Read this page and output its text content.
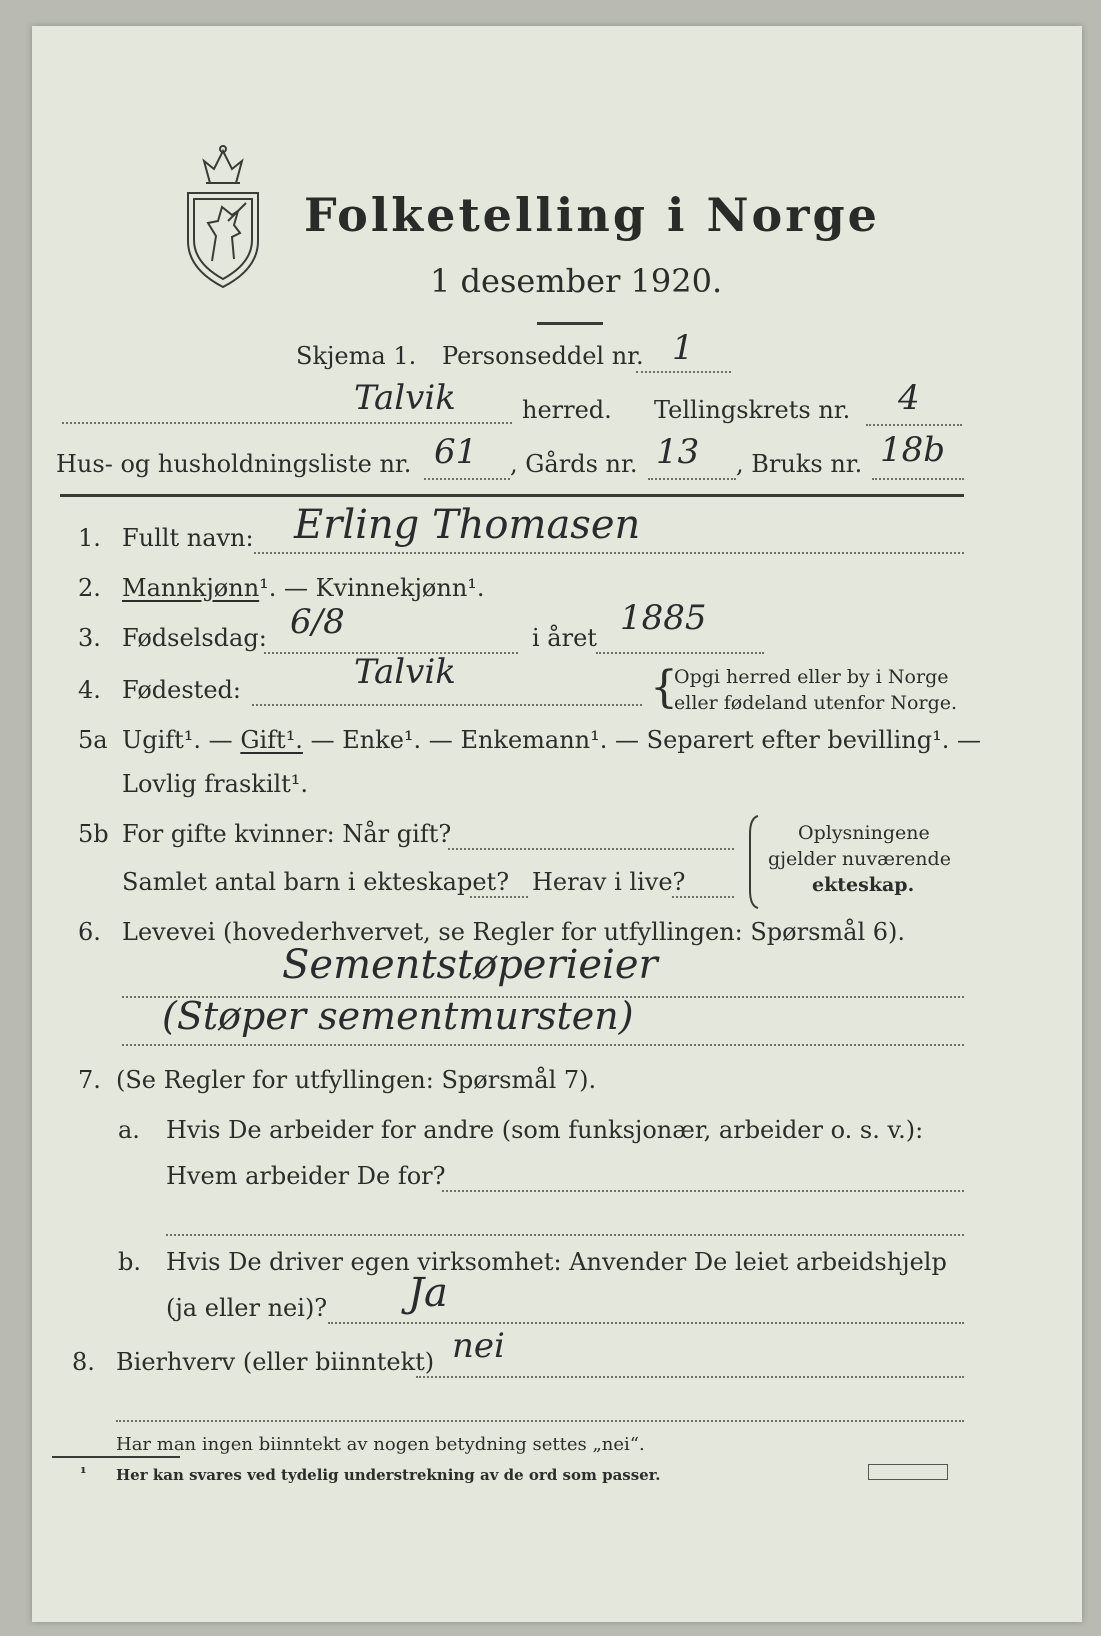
Folketelling i Norge
1 desember 1920.
Skjema 1. Personseddel nr. 1
Talvik	herred. Tellingskrets nr. 4
Hus- og husholdningsliste nr. 61 , Gårds nr. 13 , Bruks nr. 18b
1. Fullt navn: Erling Thomasen
2. Mannkjønn¹. — Kvinnekjønn¹.
3. Fødselsdag: 6/8	i året 1885
4. Fødested:	Talvik	{
Opgi herred eller by i Norge
eller fødeland utenfor Norge.
5a Ugift¹. — Gift¹. — Enke¹. — Enkemann¹. — Separert efter bevilling¹. —
Lovlig fraskilt¹.
5b For gifte kvinner: Når gift?
Samlet antal barn i ekteskapet? Herav i live?
Oplysningene
gjelder nuværende
ekteskap.
6. Levevei (hovederhvervet, se Regler for utfyllingen: Spørsmål 6).
Sementstøperieier
(Støper sementmursten)
7. (Se Regler for utfyllingen: Spørsmål 7).
a. Hvis De arbeider for andre (som funksjonær, arbeider o. s. v.):
Hvem arbeider De for?
b. Hvis De driver egen virksomhet: Anvender De leiet arbeidshjelp
(ja eller nei)? Ja
8. Bierhverv (eller biinntekt) nei
Har man ingen biinntekt av nogen betydning settes „nei“.
¹ Her kan svares ved tydelig understrekning av de ord som passer.
